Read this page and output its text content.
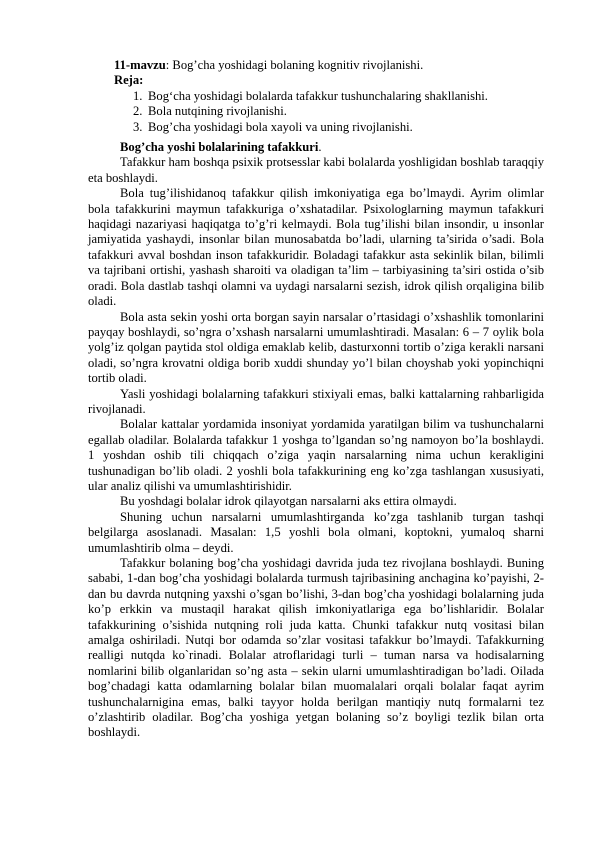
11-mavzu: Bog’cha yoshidagi bolaning kognitiv rivojlanishi.
Reja:
1. Bog‘cha yoshidagi bolalarda tafakkur tushunchalaring shakllanishi.
2. Bola nutqining rivojlanishi.
3. Bog’cha yoshidagi bola xayoli va uning rivojlanishi.
Bog’cha yoshi bolalarining tafakkuri.

Tafakkur ham boshqa psixik protsesslar kabi bolalarda yoshligidan boshlab taraqqiy eta boshlaydi.

Bola tug’ilishidanoq tafakkur qilish imkoniyatiga ega bo’lmaydi. Ayrim olimlar bola tafakkurini maymun tafakkuriga o’xshatadilar. Psixologlarning maymun tafakkuri haqidagi nazariyasi haqiqatga to’g’ri kelmaydi. Bola tug’ilishi bilan insondir, u insonlar jamiyatida yashaydi, insonlar bilan munosabatda bo’ladi, ularning ta’sirida o’sadi. Bola tafakkuri avval boshdan inson tafakkuridir. Boladagi tafakkur asta sekinlik bilan, bilimli va tajribani ortishi, yashash sharoiti va oladigan ta’lim – tarbiyasining ta’siri ostida o’sib oradi. Bola dastlab tashqi olamni va uydagi narsalarni sezish, idrok qilish orqaligina bilib oladi.

Bola asta sekin yoshi orta borgan sayin narsalar o’rtasidagi o’xshashlik tomonlarini payqay boshlaydi, so’ngra o’xshash narsalarni umumlashtiradi. Masalan: 6 – 7 oylik bola yolg’iz qolgan paytida stol oldiga emaklab kelib, dasturxonni tortib o’ziga kerakli narsani oladi, so’ngra krovatni oldiga borib xuddi shunday yo’l bilan choyshab yoki yopinchiqni tortib oladi.

Yasli yoshidagi bolalarning tafakkuri stixiyali emas, balki kattalarning rahbarligida rivojlanadi.

Bolalar kattalar yordamida insoniyat yordamida yaratilgan bilim va tushunchalarni egallab oladilar. Bolalarda tafakkur 1 yoshga to’lgandan so’ng namoyon bo’la boshlaydi. 1 yoshdan oshib tili chiqqach o’ziga yaqin narsalarning nima uchun kerakligini tushunadigan bo’lib oladi. 2 yoshli bola tafakkurining eng ko’zga tashlangan xususiyati, ular analiz qilishi va umumlashtirishidir.

Bu yoshdagi bolalar idrok qilayotgan narsalarni aks ettira olmaydi.

Shuning uchun narsalarni umumlashtirganda ko’zga tashlanib turgan tashqi belgilarga asoslanadi. Masalan: 1,5 yoshli bola olmani, koptokni, yumaloq sharni umumlashtirib olma – deydi.

Tafakkur bolaning bog’cha yoshidagi davrida juda tez rivojlana boshlaydi. Buning sababi, 1-dan bog’cha yoshidagi bolalarda turmush tajribasining anchagina ko’payishi, 2-dan bu davrda nutqning yaxshi o’sgan bo’lishi, 3-dan bog’cha yoshidagi bolalarning juda ko’p erkkin va mustaqil harakat qilish imkoniyatlariga ega bo’lishlaridir. Bolalar tafakkurining o’sishida nutqning roli juda katta. Chunki tafakkur nutq vositasi bilan amalga oshiriladi. Nutqi bor odamda so’zlar vositasi tafakkur bo’lmaydi. Tafakkurning realligi nutqda ko`rinadi. Bolalar atroflaridagi turli – tuman narsa va hodisalarning nomlarini bilib olganlaridan so’ng asta – sekin ularni umumlashtiradigan bo’ladi. Oilada bog’chadagi katta odamlarning bolalar bilan muomalalari orqali bolalar faqat ayrim tushunchalarnigina emas, balki tayyor holda berilgan mantiqiy nutq formalarni tez o’zlashtirib oladilar. Bog’cha yoshiga yetgan bolaning so’z boyligi tezlik bilan orta boshlaydi.
